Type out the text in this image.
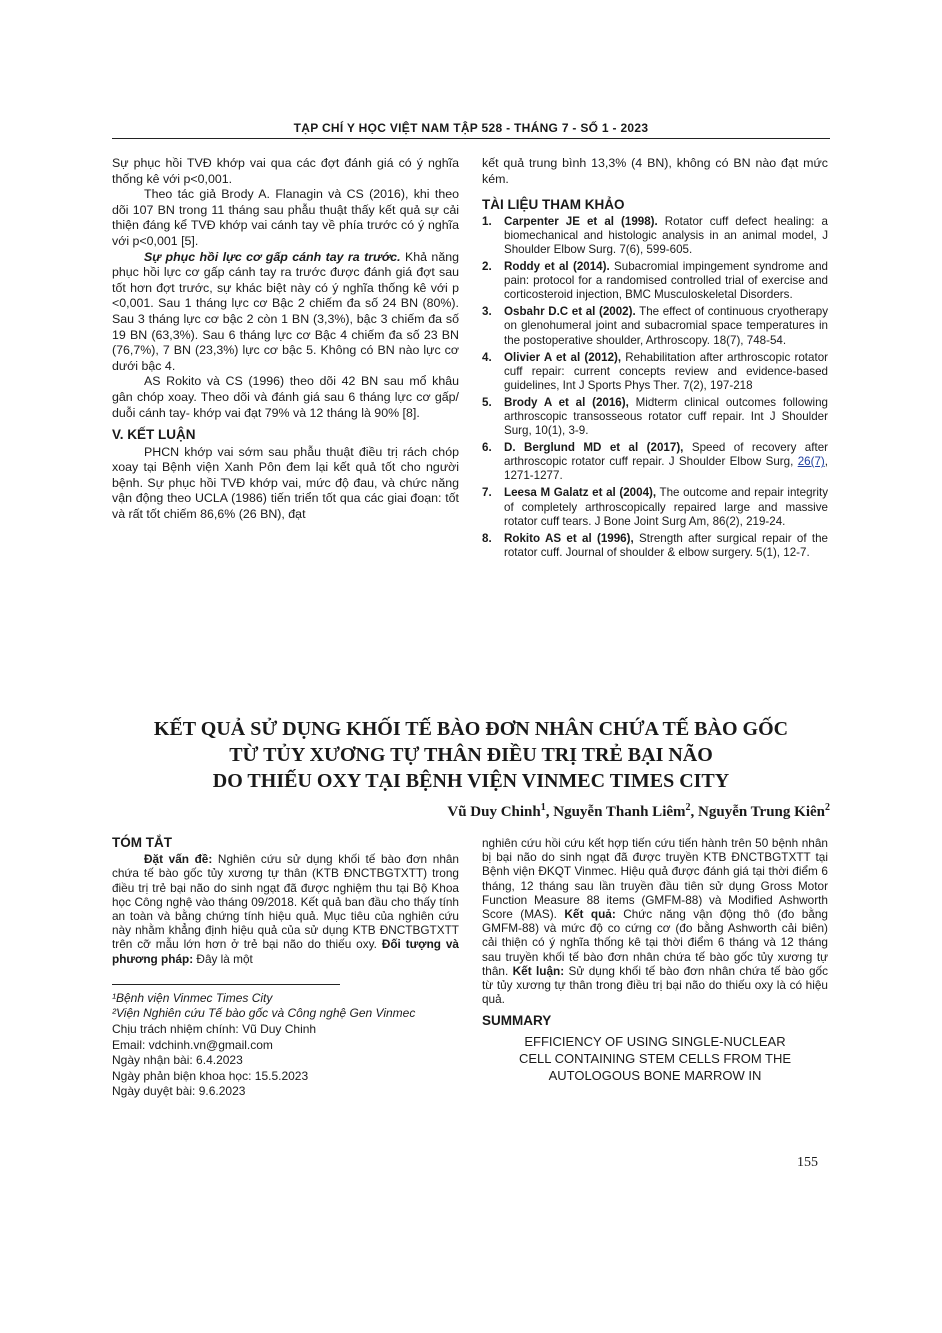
TẠP CHÍ Y HỌC VIỆT NAM TẬP 528 - THÁNG 7 - SỐ 1 - 2023

Sự phục hồi TVĐ khớp vai qua các đợt đánh giá có ý nghĩa thống kê với p<0,001.

Theo tác giả Brody A. Flanagin và CS (2016), khi theo dõi 107 BN trong 11 tháng sau phẫu thuật thấy kết quả sự cải thiện đáng kể TVĐ khớp vai cánh tay về phía trước có ý nghĩa với p<0,001 [5].

Sự phục hồi lực cơ gấp cánh tay ra trước. Khả năng phục hồi lực cơ gấp cánh tay ra trước được đánh giá đợt sau tốt hơn đợt trước, sự khác biệt này có ý nghĩa thống kê với p <0,001. Sau 1 tháng lực cơ Bậc 2 chiếm đa số 24 BN (80%). Sau 3 tháng lực cơ bậc 2 còn 1 BN (3,3%), bậc 3 chiếm đa số 19 BN (63,3%). Sau 6 tháng lực cơ Bậc 4 chiếm đa số 23 BN (76,7%), 7 BN (23,3%) lực cơ bậc 5. Không có BN nào lực cơ dưới bậc 4.

AS Rokito và CS (1996) theo dõi 42 BN sau mổ khâu gân chóp xoay. Theo dõi và đánh giá sau 6 tháng lực cơ gấp/ duỗi cánh tay- khớp vai đạt 79% và 12 tháng là 90% [8].

V. KẾT LUẬN

PHCN khớp vai sớm sau phẫu thuật điều trị rách chóp xoay tại Bệnh viện Xanh Pôn đem lại kết quả tốt cho người bệnh. Sự phục hồi TVĐ khớp vai, mức độ đau, và chức năng vận động theo UCLA (1986) tiến triển tốt qua các giai đoạn: tốt và rất tốt chiếm 86,6% (26 BN), đạt

kết quả trung bình 13,3% (4 BN), không có BN nào đạt mức kém.

TÀI LIỆU THAM KHẢO
1.	Carpenter JE et al (1998). Rotator cuff defect healing: a biomechanical and histologic analysis in an animal model, J Shoulder Elbow Surg. 7(6), 599-605.
2.	Roddy et al (2014). Subacromial impingement syndrome and pain: protocol for a randomised controlled trial of exercise and corticosteroid injection, BMC Musculoskeletal Disorders.
3.	Osbahr D.C et al (2002). The effect of continuous cryotherapy on glenohumeral joint and subacromial space temperatures in the postoperative shoulder, Arthroscopy. 18(7), 748-54.
4.	Olivier A et al (2012), Rehabilitation after arthroscopic rotator cuff repair: current concepts review and evidence-based guidelines, Int J Sports Phys Ther. 7(2), 197-218
5.	Brody A et al (2016), Midterm clinical outcomes following arthroscopic transosseous rotator cuff repair. Int J Shoulder Surg, 10(1), 3-9.
6.	D. Berglund MD et al (2017), Speed of recovery after arthroscopic rotator cuff repair. J Shoulder Elbow Surg, 26(7), 1271-1277.
7.	Leesa M Galatz et al (2004), The outcome and repair integrity of completely arthroscopically repaired large and massive rotator cuff tears. J Bone Joint Surg Am, 86(2), 219-24.
8.	Rokito AS et al (1996), Strength after surgical repair of the rotator cuff. Journal of shoulder & elbow surgery. 5(1), 12-7.
KẾT QUẢ SỬ DỤNG KHỐI TẾ BÀO ĐƠN NHÂN CHỨA TẾ BÀO GỐC
TỪ TỦY XƯƠNG TỰ THÂN ĐIỀU TRỊ TRẺ BẠI NÃO
DO THIẾU OXY TẠI BỆNH VIỆN VINMEC TIMES CITY
Vũ Duy Chinh$^1$, Nguyễn Thanh Liêm$^2$, Nguyễn Trung Kiên$^2$
TÓM TẮT

Đặt vấn đề: Nghiên cứu sử dụng khối tế bào đơn nhân chứa tế bào gốc tủy xương tự thân (KTB ĐNCTBGTXTT) trong điều trị trẻ bại não do sinh ngạt đã được nghiệm thu tại Bộ Khoa học Công nghệ vào tháng 09/2018. Kết quả ban đầu cho thấy tính an toàn và bằng chứng tính hiệu quả. Mục tiêu của nghiên cứu này nhằm khẳng định hiệu quả của sử dụng KTB ĐNCTBGTXTT trên cỡ mẫu lớn hơn ở trẻ bại não do thiếu oxy. Đối tượng và phương pháp: Đây là một

¹Bệnh viện Vinmec Times City
²Viện Nghiên cứu Tế bào gốc và Công nghệ Gen Vinmec
Chịu trách nhiệm chính: Vũ Duy Chinh
Email: vdchinh.vn@gmail.com
Ngày nhận bài: 6.4.2023
Ngày phản biện khoa học: 15.5.2023
Ngày duyệt bài: 9.6.2023

nghiên cứu hồi cứu kết hợp tiến cứu tiến hành trên 50 bệnh nhân bị bại não do sinh ngạt đã được truyền KTB ĐNCTBGTXTT tại Bệnh viện ĐKQT Vinmec. Hiệu quả được đánh giá tại thời điểm 6 tháng, 12 tháng sau lần truyền đầu tiên sử dụng Gross Motor Function Measure 88 items (GMFM-88) và Modified Ashworth Score (MAS). Kết quả: Chức năng vận động thô (đo bằng GMFM-88) và mức độ co cứng cơ (đo bằng Ashworth cải biên) cải thiện có ý nghĩa thống kê tại thời điểm 6 tháng và 12 tháng sau truyền khối tế bào đơn nhân chứa tế bào gốc tủy xương tự thân. Kết luận: Sử dụng khối tế bào đơn nhân chứa tế bào gốc từ tủy xương tự thân trong điều trị bại não do thiếu oxy là có hiệu quả.

SUMMARY
EFFICIENCY OF USING SINGLE-NUCLEAR
CELL CONTAINING STEM CELLS FROM THE
AUTOLOGOUS BONE MARROW IN
155
